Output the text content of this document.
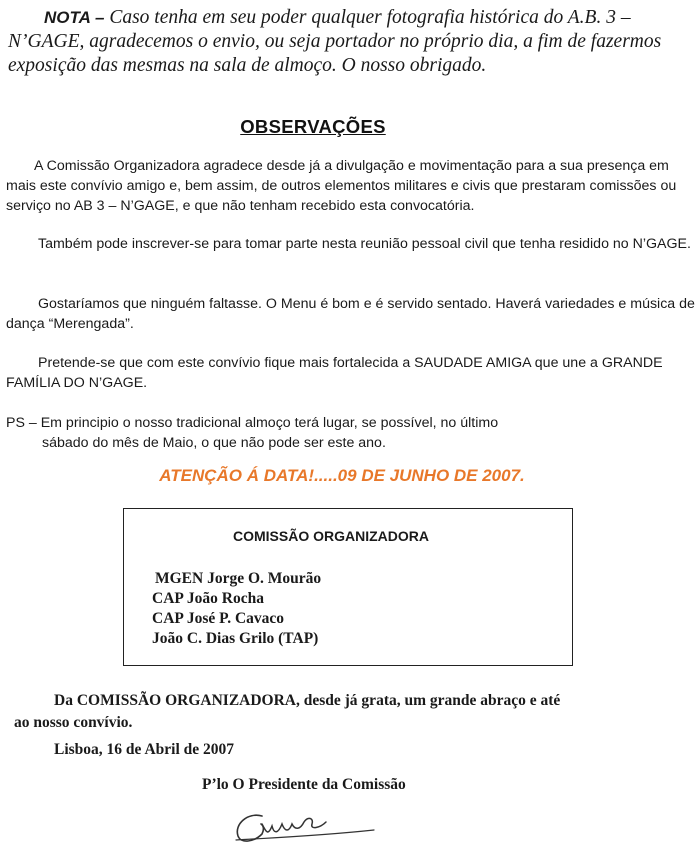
NOTA – Caso tenha em seu poder qualquer fotografia histórica do A.B. 3 – N’GAGE, agradecemos o envio, ou seja portador no próprio dia, a fim de fazermos exposição das mesmas na sala de almoço. O nosso obrigado.

OBSERVAÇÕES

A Comissão Organizadora agradece desde já a divulgação e movimentação para a sua presença em mais este convívio amigo e, bem assim, de outros elementos militares e civis que prestaram comissões ou serviço no AB 3 – N’GAGE, e que não tenham recebido esta convocatória.

Também pode inscrever-se para tomar parte nesta reunião pessoal civil que tenha residido no N’GAGE.

Gostaríamos que ninguém faltasse. O Menu é bom e é servido sentado. Haverá variedades e música de dança “Merengada”.

Pretende-se que com este convívio fique mais fortalecida a SAUDADE AMIGA que une a GRANDE FAMÍLIA DO N’GAGE.

PS – Em principio o nosso tradicional almoço terá lugar, se possível, no último
sábado do mês de Maio, o que não pode ser este ano.
ATENÇÃO Á DATA!.....09 DE JUNHO DE 2007.
COMISSÃO ORGANIZADORA
MGEN Jorge O. Mourão
CAP João Rocha
CAP José P. Cavaco
João C. Dias Grilo (TAP)
Da COMISSÃO ORGANIZADORA, desde já grata, um grande abraço e até
ao nosso convívio.
Lisboa, 16 de Abril de 2007
P’lo O Presidente da Comissão
